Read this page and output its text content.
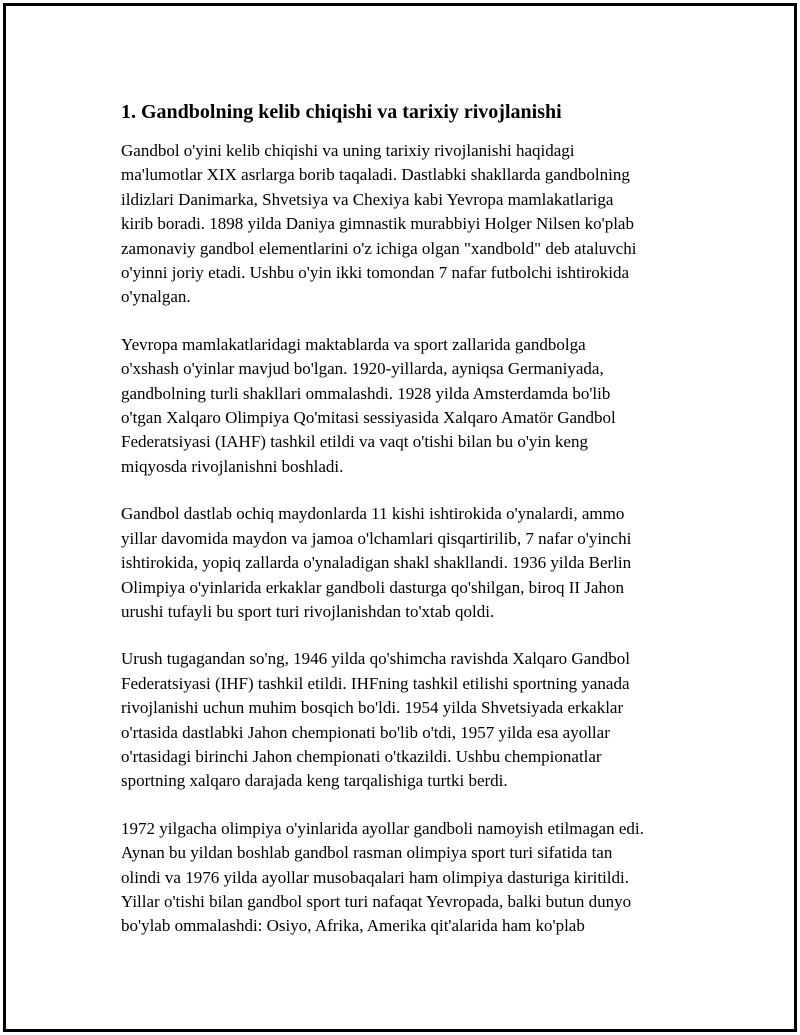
1. Gandbolning kelib chiqishi va tarixiy rivojlanishi

Gandbol o'yini kelib chiqishi va uning tarixiy rivojlanishi haqidagi
ma'lumotlar XIX asrlarga borib taqaladi. Dastlabki shakllarda gandbolning
ildizlari Danimarka, Shvetsiya va Chexiya kabi Yevropa mamlakatlariga
kirib boradi. 1898 yilda Daniya gimnastik murabbiyi Holger Nilsen ko'plab
zamonaviy gandbol elementlarini o'z ichiga olgan "xandbold" deb ataluvchi
o'yinni joriy etadi. Ushbu o'yin ikki tomondan 7 nafar futbolchi ishtirokida
o'ynalgan.

Yevropa mamlakatlaridagi maktablarda va sport zallarida gandbolga
o'xshash o'yinlar mavjud bo'lgan. 1920-yillarda, ayniqsa Germaniyada,
gandbolning turli shakllari ommalashdi. 1928 yilda Amsterdamda bo'lib
o'tgan Xalqaro Olimpiya Qo'mitasi sessiyasida Xalqaro Amatör Gandbol
Federatsiyasi (IAHF) tashkil etildi va vaqt o'tishi bilan bu o'yin keng
miqyosda rivojlanishni boshladi.

Gandbol dastlab ochiq maydonlarda 11 kishi ishtirokida o'ynalardi, ammo
yillar davomida maydon va jamoa o'lchamlari qisqartirilib, 7 nafar o'yinchi
ishtirokida, yopiq zallarda o'ynaladigan shakl shakllandi. 1936 yilda Berlin
Olimpiya o'yinlarida erkaklar gandboli dasturga qo'shilgan, biroq II Jahon
urushi tufayli bu sport turi rivojlanishdan to'xtab qoldi.

Urush tugagandan so'ng, 1946 yilda qo'shimcha ravishda Xalqaro Gandbol
Federatsiyasi (IHF) tashkil etildi. IHFning tashkil etilishi sportning yanada
rivojlanishi uchun muhim bosqich bo'ldi. 1954 yilda Shvetsiyada erkaklar
o'rtasida dastlabki Jahon chempionati bo'lib o'tdi, 1957 yilda esa ayollar
o'rtasidagi birinchi Jahon chempionati o'tkazildi. Ushbu chempionatlar
sportning xalqaro darajada keng tarqalishiga turtki berdi.

1972 yilgacha olimpiya o'yinlarida ayollar gandboli namoyish etilmagan edi.
Aynan bu yildan boshlab gandbol rasman olimpiya sport turi sifatida tan
olindi va 1976 yilda ayollar musobaqalari ham olimpiya dasturiga kiritildi.
Yillar o'tishi bilan gandbol sport turi nafaqat Yevropada, balki butun dunyo
bo'ylab ommalashdi: Osiyo, Afrika, Amerika qit'alarida ham ko'plab
